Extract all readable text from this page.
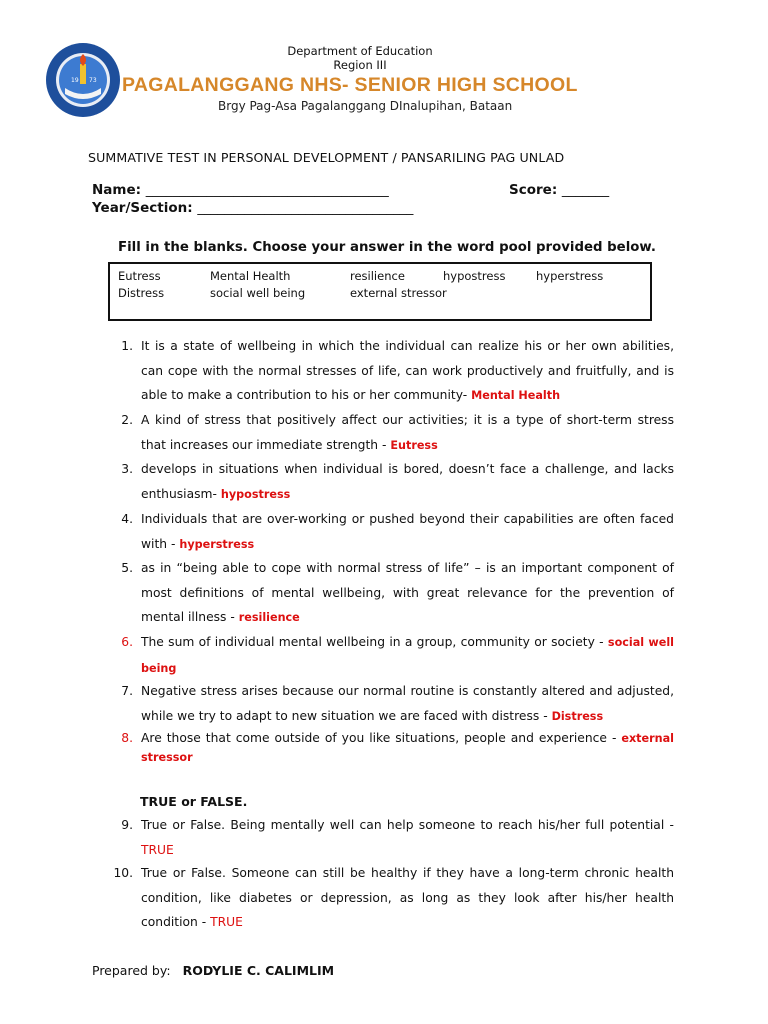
19 73
Department of Education
Region III
PAGALANGGANG NHS- SENIOR HIGH SCHOOL
Brgy Pag-Asa Pagalanggang DInalupihan, Bataan
SUMMATIVE TEST IN PERSONAL DEVELOPMENT / PANSARILING PAG UNLAD
Name: ____________________________________	Score: _______
Year/Section: ________________________________
Fill in the blanks. Choose your answer in the word pool provided below.
Eutress	Mental Health	resilience	hypostress	hyperstress
Distress	social well being	external stressor
1. It is a state of wellbeing in which the individual can realize his or her own abilities, can cope with the normal stresses of life, can work productively and fruitfully, and is able to make a contribution to his or her community- Mental Health
2. A kind of stress that positively affect our activities; it is a type of short-term stress that increases our immediate strength - Eutress
3. develops in situations when individual is bored, doesn’t face a challenge, and lacks enthusiasm- hypostress
4. Individuals that are over-working or pushed beyond their capabilities are often faced with - hyperstress
5. as in “being able to cope with normal stress of life” – is an important component of most definitions of mental wellbeing, with great relevance for the prevention of mental illness - resilience
6. The sum of individual mental wellbeing in a group, community or society - social well being
7. Negative stress arises because our normal routine is constantly altered and adjusted, while we try to adapt to new situation we are faced with distress - Distress
8. Are those that come outside of you like situations, people and experience - external stressor
TRUE or FALSE.
9. True or False. Being mentally well can help someone to reach his/her full potential - TRUE
10. True or False. Someone can still be healthy if they have a long-term chronic health condition, like diabetes or depression, as long as they look after his/her health condition - TRUE
Prepared by: RODYLIE C. CALIMLIM
